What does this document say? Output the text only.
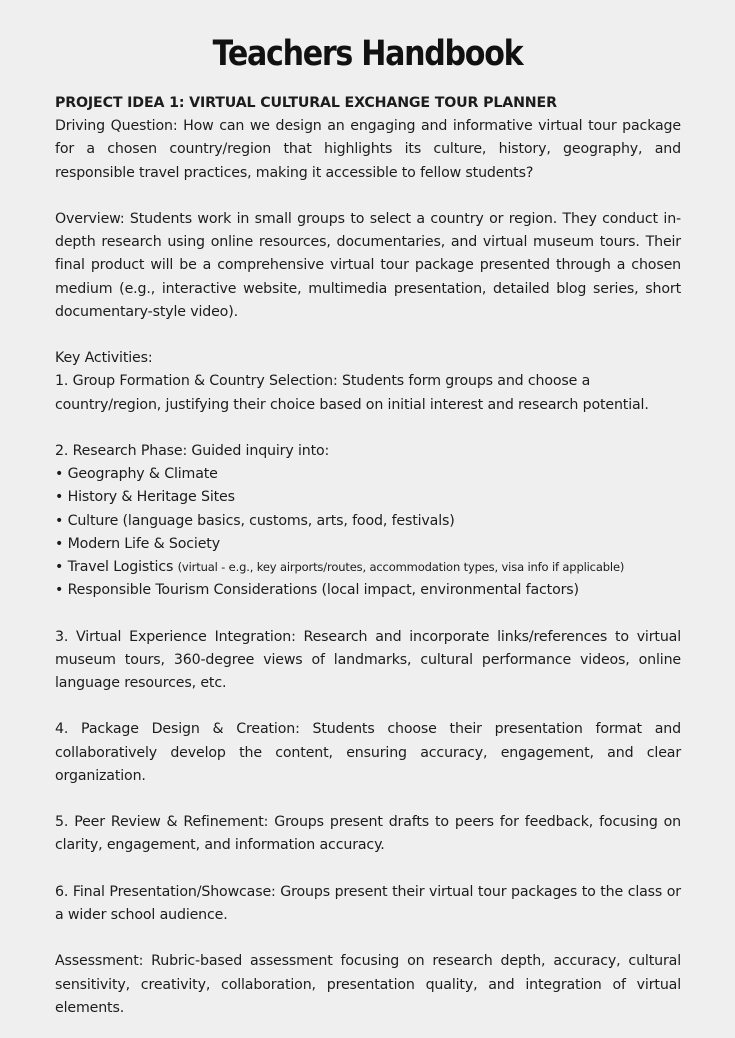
Teachers Handbook

PROJECT IDEA 1: VIRTUAL CULTURAL EXCHANGE TOUR PLANNER

Driving Question: How can we design an engaging and informative virtual tour package for a chosen country/region that highlights its culture, history, geography, and responsible travel practices, making it accessible to fellow students?

Overview: Students work in small groups to select a country or region. They conduct in-depth research using online resources, documentaries, and virtual museum tours. Their final product will be a comprehensive virtual tour package presented through a chosen medium (e.g., interactive website, multimedia presentation, detailed blog series, short documentary-style video).

Key Activities:

1. Group Formation & Country Selection: Students form groups and choose a country/region, justifying their choice based on initial interest and research potential.

2. Research Phase: Guided inquiry into:

• Geography & Climate

• History & Heritage Sites

• Culture (language basics, customs, arts, food, festivals)

• Modern Life & Society

• Travel Logistics (virtual - e.g., key airports/routes, accommodation types, visa info if applicable)

• Responsible Tourism Considerations (local impact, environmental factors)

3. Virtual Experience Integration: Research and incorporate links/references to virtual museum tours, 360-degree views of landmarks, cultural performance videos, online language resources, etc.

4. Package Design & Creation: Students choose their presentation format and collaboratively develop the content, ensuring accuracy, engagement, and clear organization.

5. Peer Review & Refinement: Groups present drafts to peers for feedback, focusing on clarity, engagement, and information accuracy.

6. Final Presentation/Showcase: Groups present their virtual tour packages to the class or a wider school audience.

Assessment: Rubric-based assessment focusing on research depth, accuracy, cultural sensitivity, creativity, collaboration, presentation quality, and integration of virtual elements.
